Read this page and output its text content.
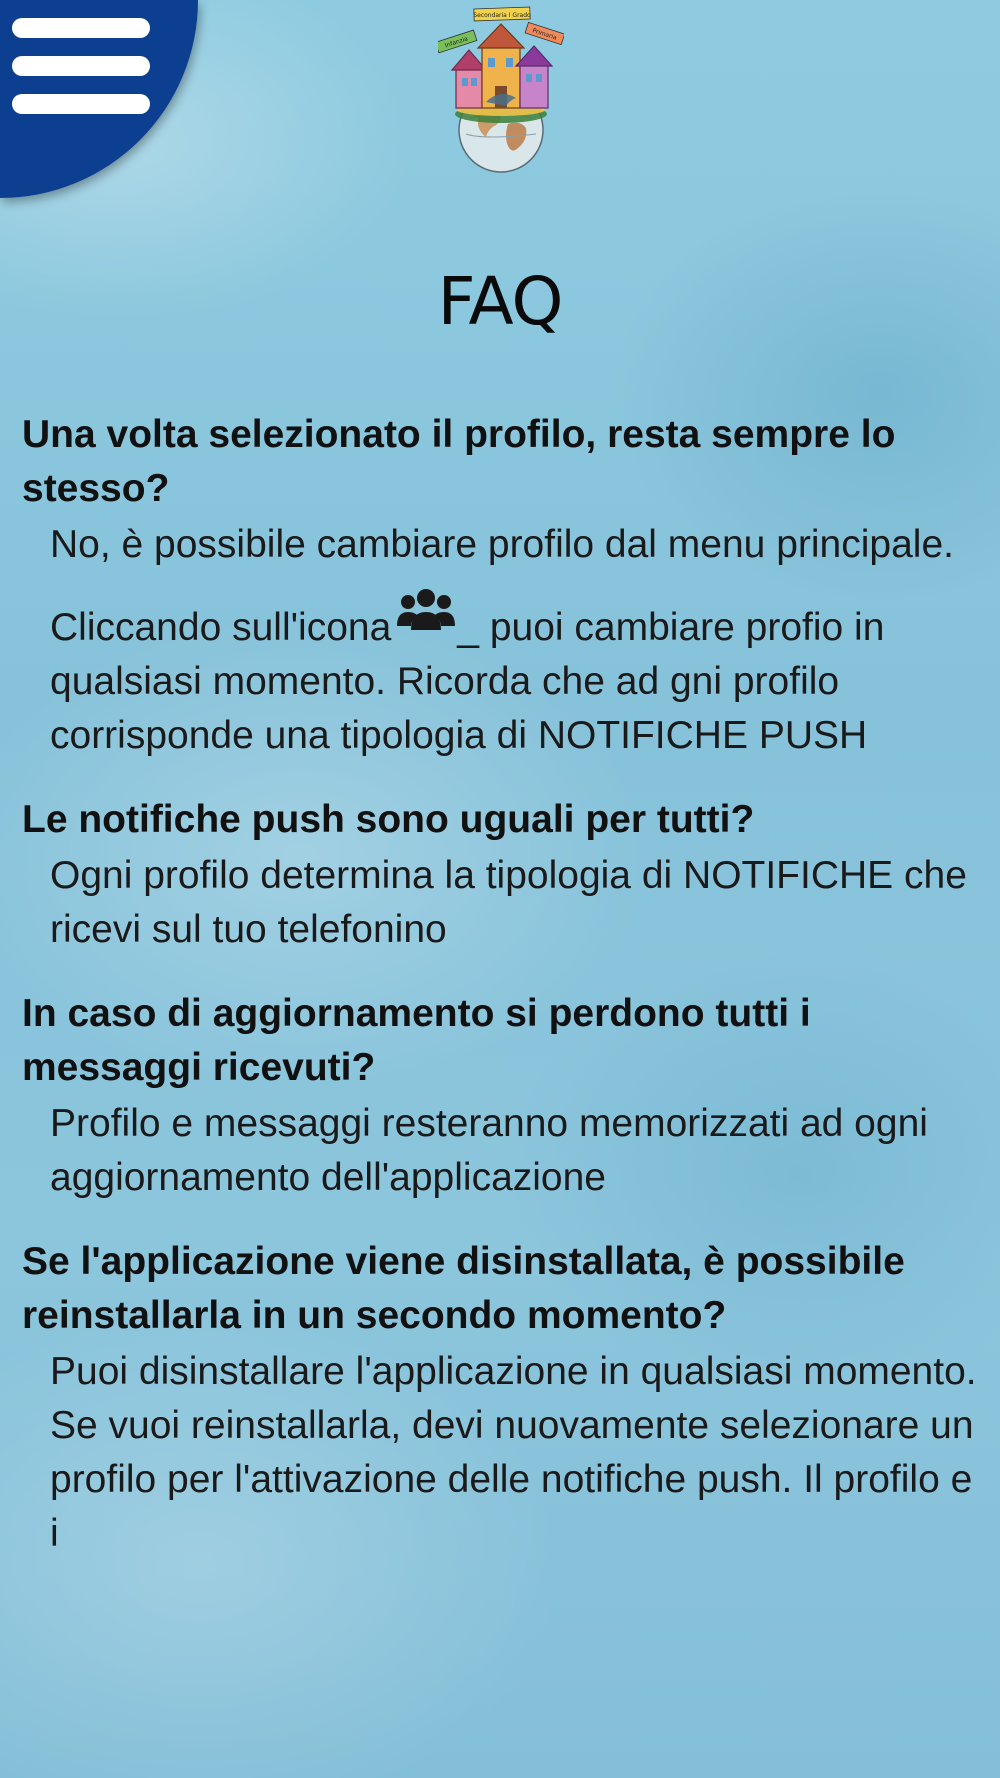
Secondaria I Grado
Infanzia
Primaria
FAQ
Una volta selezionato il profilo, resta sempre lo stesso?

No, è possibile cambiare profilo dal menu principale.

Cliccando sull'icona _ puoi cambiare profio in qualsiasi momento. Ricorda che ad gni profilo corrisponde una tipologia di NOTIFICHE PUSH

Le notifiche push sono uguali per tutti?

Ogni profilo determina la tipologia di NOTIFICHE che ricevi sul tuo telefonino

In caso di aggiornamento si perdono tutti i messaggi ricevuti?

Profilo e messaggi resteranno memorizzati ad ogni aggiornamento dell'applicazione

Se l'applicazione viene disinstallata, è possibile reinstallarla in un secondo momento?

Puoi disinstallare l'applicazione in qualsiasi momento. Se vuoi reinstallarla, devi nuovamente selezionare un profilo per l'attivazione delle notifiche push. Il profilo e i
